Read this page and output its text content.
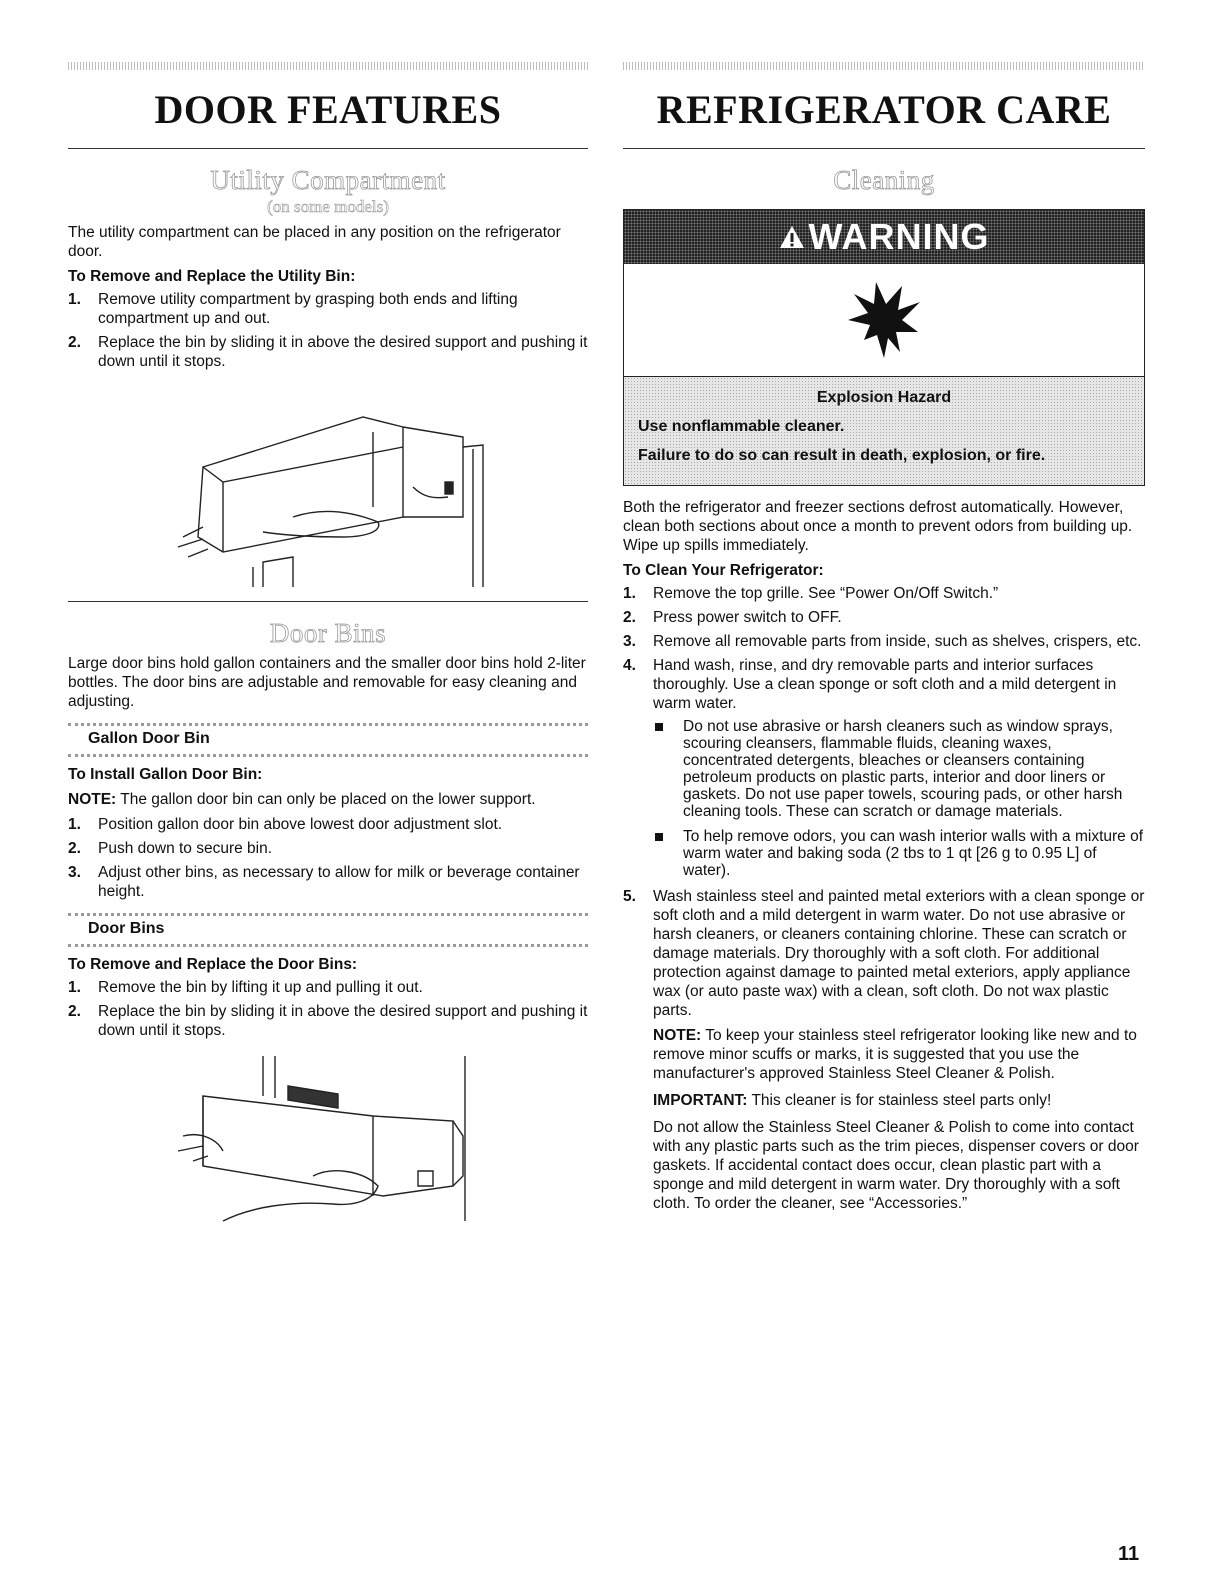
DOOR FEATURES
Utility Compartment
(on some models)

The utility compartment can be placed in any position on the refrigerator door.

To Remove and Replace the Utility Bin:
1. Remove utility compartment by grasping both ends and lifting compartment up and out.
2. Replace the bin by sliding it in above the desired support and pushing it down until it stops.
Door Bins

Large door bins hold gallon containers and the smaller door bins hold 2-liter bottles. The door bins are adjustable and removable for easy cleaning and adjusting.

Gallon Door Bin
To Install Gallon Door Bin:

NOTE: The gallon door bin can only be placed on the lower support.

1. Position gallon door bin above lowest door adjustment slot.
2. Push down to secure bin.
3. Adjust other bins, as necessary to allow for milk or beverage container height.
Door Bins
To Remove and Replace the Door Bins:
1. Remove the bin by lifting it up and pulling it out.
2. Replace the bin by sliding it in above the desired support and pushing it down until it stops.
REFRIGERATOR CARE
Cleaning
WARNING
Explosion Hazard

Use nonflammable cleaner.

Failure to do so can result in death, explosion, or fire.

Both the refrigerator and freezer sections defrost automatically. However, clean both sections about once a month to prevent odors from building up. Wipe up spills immediately.

To Clean Your Refrigerator:
1. Remove the top grille. See “Power On/Off Switch.”
2. Press power switch to OFF.
3. Remove all removable parts from inside, such as shelves, crispers, etc.
4. Hand wash, rinse, and dry removable parts and interior surfaces thoroughly. Use a clean sponge or soft cloth and a mild detergent in warm water.
Do not use abrasive or harsh cleaners such as window sprays, scouring cleansers, flammable fluids, cleaning waxes, concentrated detergents, bleaches or cleansers containing petroleum products on plastic parts, interior and door liners or gaskets. Do not use paper towels, scouring pads, or other harsh cleaning tools. These can scratch or damage materials.
To help remove odors, you can wash interior walls with a mixture of warm water and baking soda (2 tbs to 1 qt [26 g to 0.95 L] of water).
5. Wash stainless steel and painted metal exteriors with a clean sponge or soft cloth and a mild detergent in warm water. Do not use abrasive or harsh cleaners, or cleaners containing chlorine. These can scratch or damage materials. Dry thoroughly with a soft cloth. For additional protection against damage to painted metal exteriors, apply appliance wax (or auto paste wax) with a clean, soft cloth. Do not wax plastic parts.

NOTE: To keep your stainless steel refrigerator looking like new and to remove minor scuffs or marks, it is suggested that you use the manufacturer's approved Stainless Steel Cleaner & Polish.

IMPORTANT: This cleaner is for stainless steel parts only!

Do not allow the Stainless Steel Cleaner & Polish to come into contact with any plastic parts such as the trim pieces, dispenser covers or door gaskets. If accidental contact does occur, clean plastic part with a sponge and mild detergent in warm water. Dry thoroughly with a soft cloth. To order the cleaner, see “Accessories.”

11
